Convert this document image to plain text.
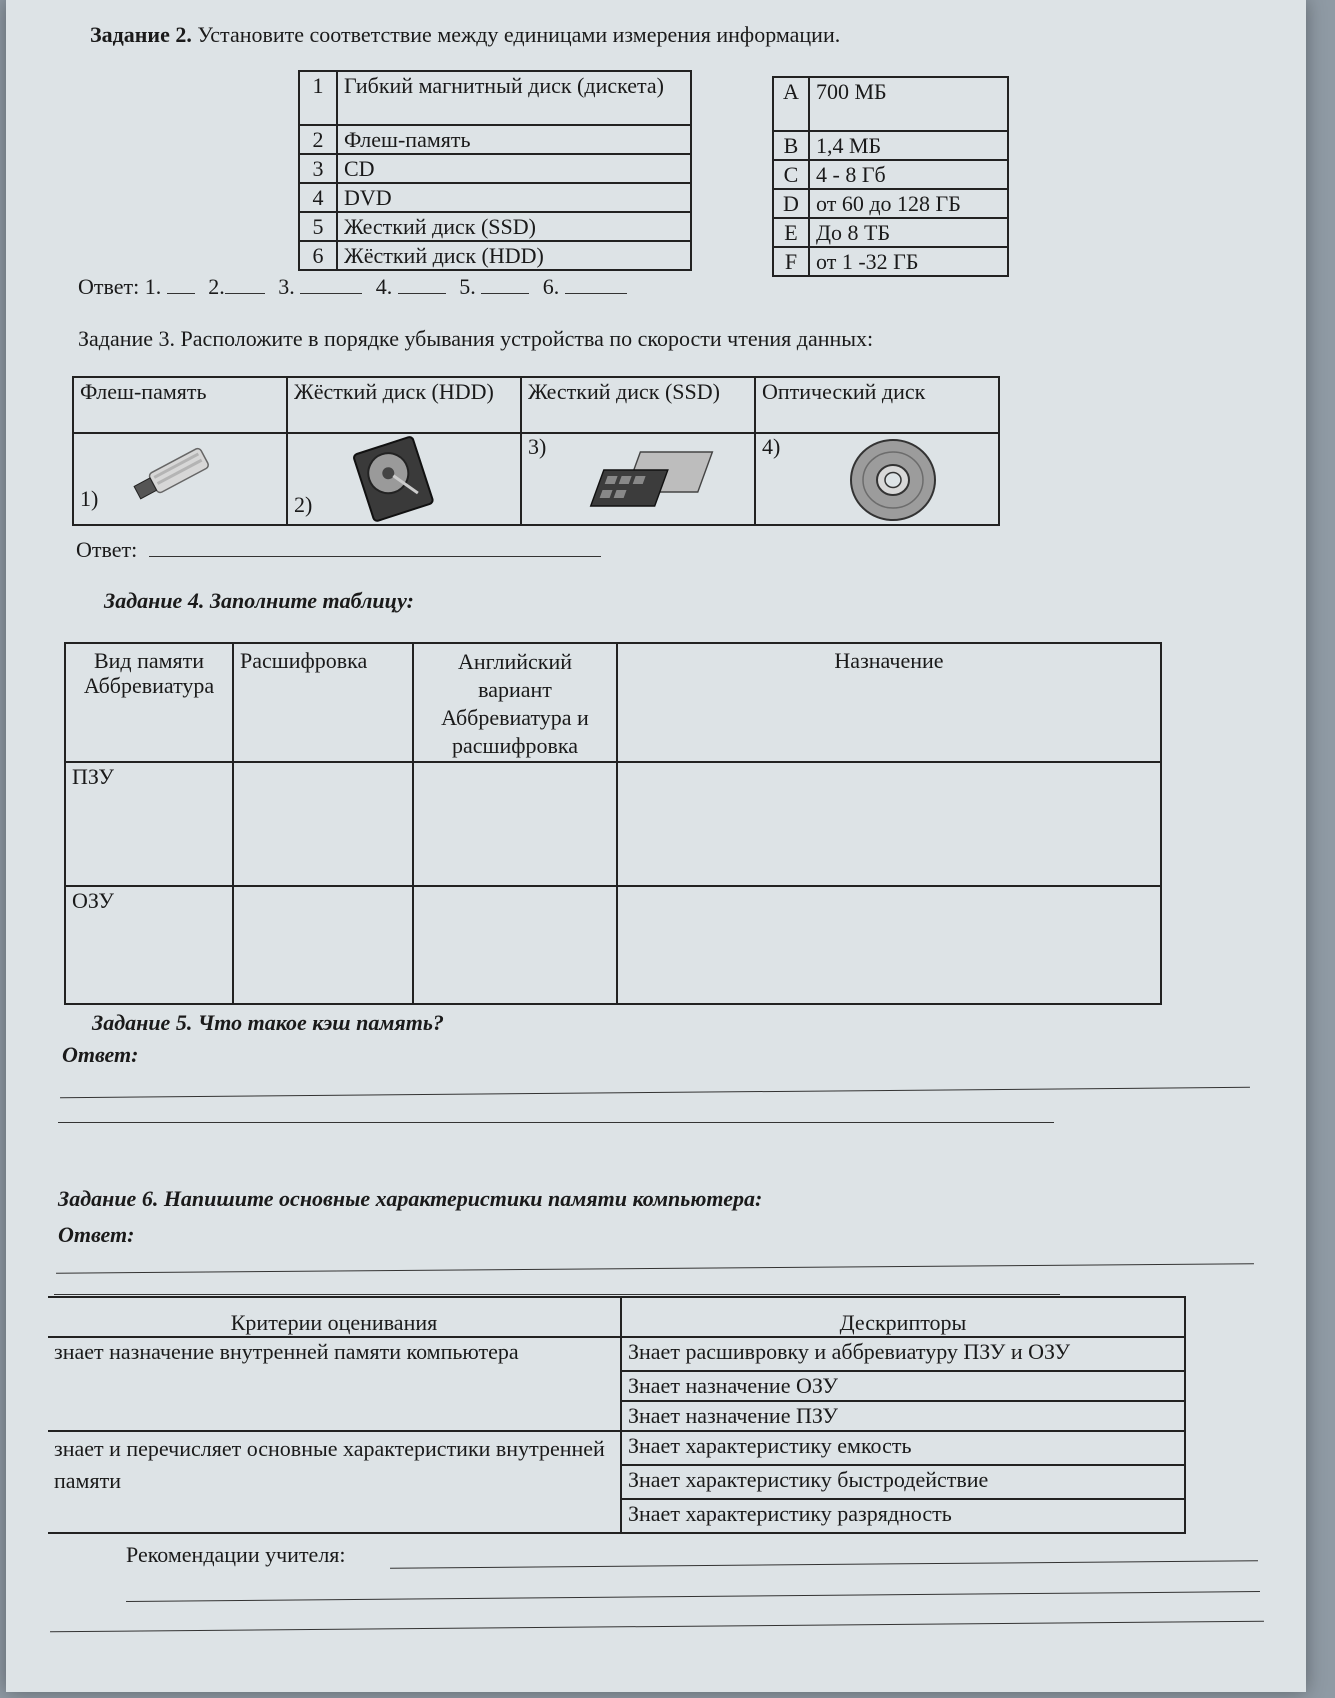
Задание 2. Установите соответствие между единицами измерения информации.
1	Гибкий магнитный диск (дискета)
2	Флеш-память
3	CD
4	DVD
5	Жесткий диск (SSD)
6	Жёсткий диск (HDD)
A	700 МБ
B	1,4 МБ
C	4 - 8 Гб
D	от 60 до 128 ГБ
E	До 8 ТБ
F	от 1 -32 ГБ
Ответ: 1. 2. 3.	4.	5.	6.
Задание 3. Расположите в порядке убывания устройства по скорости чтения данных:
Флеш-память	Жёсткий диск (HDD)	Жесткий диск (SSD)	Оптический диск

1)	2)	3)	4)
Ответ:
Задание 4. Заполните таблицу:
Вид памяти Аббревиатура	Расшифровка	Английский вариант Аббревиатура и расшифровка	Назначение
ПЗУ			
ОЗУ			
Задание 5. Что такое кэш память?
Ответ:
Задание 6. Напишите основные характеристики памяти компьютера:
Ответ:
Критерии оценивания	Дескрипторы
знает назначение внутренней памяти компьютера	Знает расшивровку и аббревиатуру ПЗУ и ОЗУ
	Знает назначение ОЗУ
	Знает назначение ПЗУ
знает и перечисляет основные характеристики внутренней памяти	Знает характеристику емкость
	Знает характеристику быстродействие
	Знает характеристику разрядность
Рекомендации учителя:
